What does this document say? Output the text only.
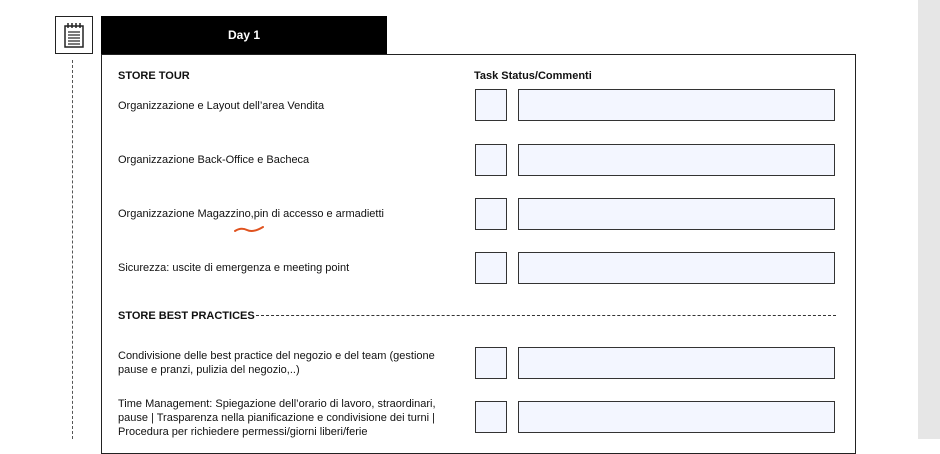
Day 1
STORE TOUR	Task Status/Commenti
Organizzazione e Layout dell’area Vendita
Organizzazione Back-Office e Bacheca
Organizzazione Magazzino,pin di accesso e armadietti
Sicurezza: uscite di emergenza e meeting point
STORE BEST PRACTICES
Condivisione delle best practice del negozio e del team (gestione pause e pranzi, pulizia del negozio,..)
Time Management: Spiegazione dell’orario di lavoro, straordinari, pause | Trasparenza nella pianificazione e condivisione dei turni | Procedura per richiedere permessi/giorni liberi/ferie
